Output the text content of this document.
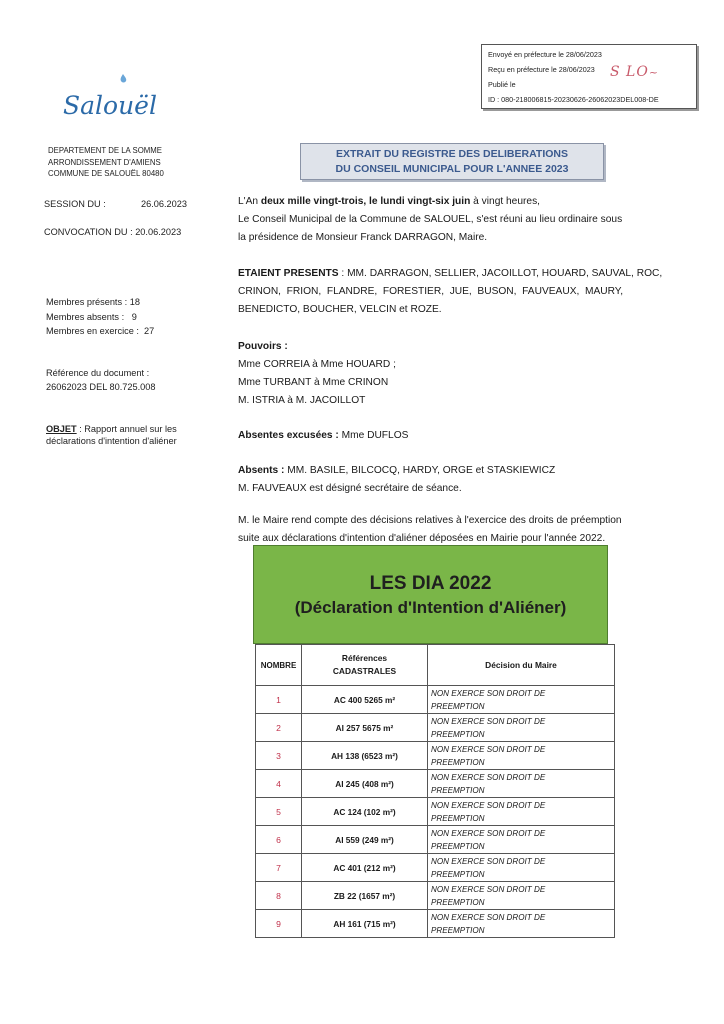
Envoyé en préfecture le 28/06/2023
Reçu en préfecture le 28/06/2023
Publié le
ID : 080-218006815-20230626-26062023DEL008-DE
S LO~
Salouël
DEPARTEMENT DE LA SOMME
ARRONDISSEMENT D'AMIENS
COMMUNE DE SALOUËL 80480
EXTRAIT DU REGISTRE DES DELIBERATIONS
DU CONSEIL MUNICIPAL POUR L'ANNEE 2023
SESSION DU :	26.06.2023
CONVOCATION DU : 20.06.2023
Membres présents : 18
Membres absents :   9
Membres en exercice :  27
Référence du document :
26062023 DEL 80.725.008
OBJET : Rapport annuel sur les
déclarations d'intention d'aliéner
L'An deux mille vingt-trois, le lundi vingt-six juin à vingt heures,
Le Conseil Municipal de la Commune de SALOUEL, s'est réuni au lieu ordinaire sous
la présidence de Monsieur Franck DARRAGON, Maire.
ETAIENT PRESENTS : MM. DARRAGON, SELLIER, JACOILLOT, HOUARD, SAUVAL, ROC,
CRINON,  FRION,  FLANDRE,  FORESTIER,  JUE,  BUSON,  FAUVEAUX,  MAURY,
BENEDICTO, BOUCHER, VELCIN et ROZE.
Pouvoirs :
Mme CORREIA à Mme HOUARD ;
Mme TURBANT à Mme CRINON
M. ISTRIA à M. JACOILLOT
Absentes excusées : Mme DUFLOS
Absents : MM. BASILE, BILCOCQ, HARDY, ORGE et STASKIEWICZ
M. FAUVEAUX est désigné secrétaire de séance.
M. le Maire rend compte des décisions relatives à l'exercice des droits de préemption
suite aux déclarations d'intention d'aliéner déposées en Mairie pour l'année 2022.
LES DIA 2022
(Déclaration d'Intention d'Aliéner)
NOMBRE	Références CADASTRALES	Décision du Maire
1	AC 400 5265 m²	NON EXERCE SON DROIT DE
PREEMPTION

2	AI 257 5675 m²	NON EXERCE SON DROIT DE
PREEMPTION

3	AH 138 (6523 m²)	NON EXERCE SON DROIT DE
PREEMPTION

4	AI 245 (408 m²)	NON EXERCE SON DROIT DE
PREEMPTION

5	AC 124 (102 m²)	NON EXERCE SON DROIT DE
PREEMPTION

6	AI 559 (249 m²)	NON EXERCE SON DROIT DE
PREEMPTION

7	AC 401 (212 m²)	NON EXERCE SON DROIT DE
PREEMPTION

8	ZB 22 (1657 m²)	NON EXERCE SON DROIT DE
PREEMPTION

9	AH 161 (715 m²)	NON EXERCE SON DROIT DE
PREEMPTION
